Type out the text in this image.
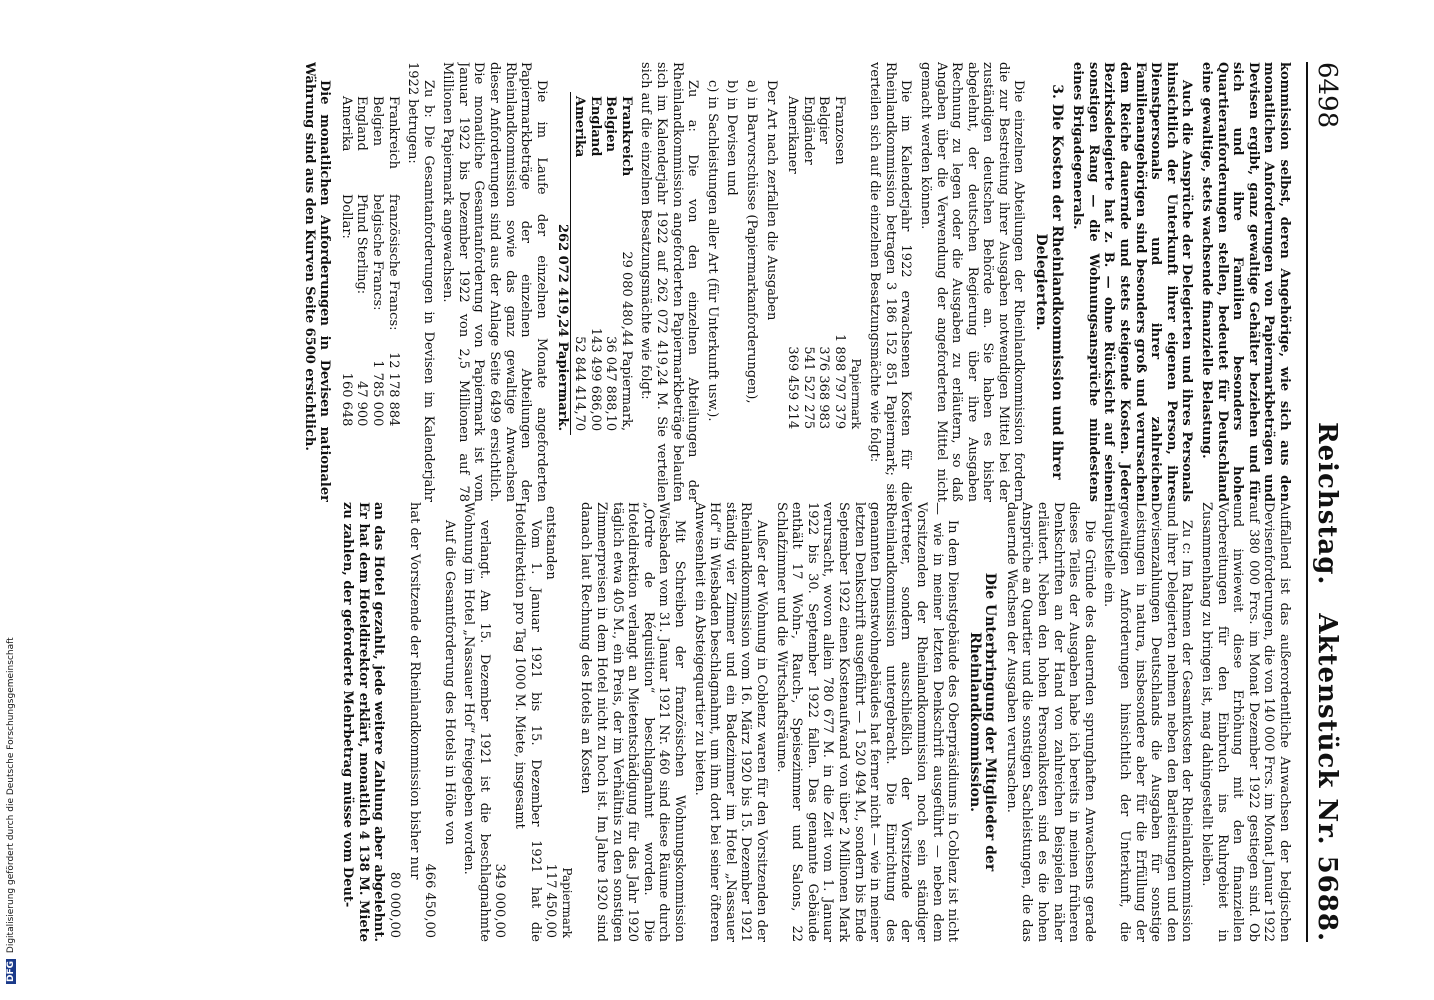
6498
Reichstag.
Aktenstück Nr. 5688.

kommission selbst, deren Angehörige, wie sich aus den monatlichen Anforderungen von Papiermarkbeträgen und Devisen ergibt, ganz gewaltige Gehälter beziehen und für sich und ihre Familien besonders hohe Quartieranforderungen stellen, bedeutet für Deutschland eine gewaltige, stets wachsende finanzielle Belastung.

Auch die Ansprüche der Delegierten und ihres Personals hinsichtlich der Unterkunft ihrer eigenen Person, ihres Dienstpersonals und ihrer zahlreichen Familienangehörigen sind besonders groß und verursachen dem Reiche dauernde und stets steigende Kosten. Jeder Bezirksdelegierte hat z. B. — ohne Rücksicht auf seinen sonstigen Rang — die Wohnungsansprüche mindestens eines Brigadegenerals.

3. Die Kosten der Rheinlandkommission und ihrer Delegierten.

Die einzelnen Abteilungen der Rheinlandkommission fordern die zur Bestreitung ihrer Ausgaben notwendigen Mittel bei der zuständigen deutschen Behörde an. Sie haben es bisher abgelehnt, der deutschen Regierung über ihre Ausgaben Rechnung zu legen oder die Ausgaben zu erläutern, so daß Angaben über die Verwendung der angeforderten Mittel nicht gemacht werden können.

Die im Kalenderjahr 1922 erwachsenen Kosten für die Rheinlandkommission betragen 3 186 152 851 Papiermark; sie verteilen sich auf die einzelnen Besatzungsmächte wie folgt:

	Papiermark
Franzosen	1 898 797 379
Belgier	376 368 983
Engländer	541 527 275
Amerikaner	369 459 214

Der Art nach zerfallen die Ausgaben

a) in Barvorschüsse (Papiermarkanforderungen),

b) in Devisen und

c) in Sachleistungen aller Art (für Unterkunft usw.).

Zu a: Die von den einzelnen Abteilungen der Rheinlandkommission angeforderten Papiermarkbeträge belaufen sich im Kalenderjahr 1922 auf 262 072 419,24 M. Sie verteilen sich auf die einzelnen Besatzungsmächte wie folgt:

Frankreich	29 080 480,44 Papiermark,
Belgien	36 047 888,10
England	143 499 686,00
Amerika	52 844 414,70
	262 072 419,24 Papiermark.

Die im Laufe der einzelnen Monate angeforderten Papiermarkbeträge der einzelnen Abteilungen der Rheinlandkommission sowie das ganz gewaltige Anwachsen dieser Anforderungen sind aus der Anlage Seite 6499 ersichtlich. Die monatliche Gesamtanforderung von Papiermark ist vom Januar 1922 bis Dezember 1922 von 2,5 Millionen auf 78 Millionen Papiermark angewachsen.

Zu b: Die Gesamtanforderungen in Devisen im Kalenderjahr 1922 betrugen:

Frankreich	französische Francs:	12 178 884
Belgien	belgische Francs:	1 785 000
England	Pfund Sterling:	47 900
Amerika	Dollar:	160 648

Die monatlichen Anforderungen in Devisen nationaler Währung sind aus den Kurven Seite 6500 ersichtlich.

Auffallend ist das außerordentliche Anwachsen der belgischen Devisenforderungen, die von 140 000 Frcs. im Monat Januar 1922 auf 380 000 Frcs. im Monat Dezember 1922 gestiegen sind. Ob und inwieweit diese Erhöhung mit den finanziellen Vorbereitungen für den Einbruch ins Ruhrgebiet in Zusammenhang zu bringen ist, mag dahingestellt bleiben.

Zu c: Im Rahmen der Gesamtkosten der Rheinlandkommission und ihrer Delegierten nehmen neben den Barleistungen und den Devisenzahlungen Deutschlands die Ausgaben für sonstige Leistungen in natura, insbesondere aber für die Erfüllung der gewaltigen Anforderungen hinsichtlich der Unterkunft, die Hauptstelle ein.

Die Gründe des dauernden sprunghaften Anwachsens gerade dieses Teiles der Ausgaben habe ich bereits in meinen früheren Denkschriften an der Hand von zahlreichen Beispielen näher erläutert. Neben den hohen Personalkosten sind es die hohen Ansprüche an Quartier und die sonstigen Sachleistungen, die das dauernde Wachsen der Ausgaben verursachen.

Die Unterbringung der Mitglieder der Rheinlandkommission.

In dem Dienstgebäude des Oberpräsidiums in Coblenz ist nicht — wie in meiner letzten Denkschrift ausgeführt — neben dem Vorsitzenden der Rheinlandkommission noch sein ständiger Vertreter, sondern ausschließlich der Vorsitzende der Rheinlandkommission untergebracht. Die Einrichtung des genannten Dienstwohngebäudes hat ferner nicht — wie in meiner letzten Denkschrift ausgeführt — 1 520 494 M., sondern bis Ende September 1922 einen Kostenaufwand von über 2 Millionen Mark verursacht, wovon allein 780 677 M. in die Zeit vom 1. Januar 1922 bis 30. September 1922 fallen. Das genannte Gebäude enthält 17 Wohn-, Rauch-, Speisezimmer und Salons, 22 Schlafzimmer und die Wirtschaftsräume.

Außer der Wohnung in Coblenz waren für den Vorsitzenden der Rheinlandkommission vom 16. März 1920 bis 15. Dezember 1921 ständig vier Zimmer und ein Badezimmer im Hotel „Nassauer Hof“ in Wiesbaden beschlagnahmt, um ihm dort bei seiner öfteren Anwesenheit ein Absteigequartier zu bieten.

Mit Schreiben der französischen Wohnungskommission Wiesbaden vom 31. Januar 1921 Nr. 460 sind diese Räume durch „Ordre de Réquisition“ beschlagnahmt worden. Die Hoteldirektion verlangt an Mietentschädigung für das Jahr 1920 täglich etwa 405 M., ein Preis, der im Verhältnis zu den sonstigen Zimmerpreisen in dem Hotel nicht zu hoch ist. Im Jahre 1920 sind danach laut Rechnung des Hotels an Kosten

	Papiermark
entstanden	117 450,00

Vom 1. Januar 1921 bis 15. Dezember 1921 hat die Hoteldirektion pro Tag 1000 M. Miete, insgesamt

	349 000,00

verlangt. Am 15. Dezember 1921 ist die beschlagnahmte Wohnung im Hotel „Nassauer Hof“ freigegeben worden.

Auf die Gesamtforderung des Hotels in Höhe von

	466 450,00

hat der Vorsitzende der Rheinlandkommission bisher nur

	80 000,00

an das Hotel gezahlt, jede weitere Zahlung aber abgelehnt. Er hat dem Hoteldirektor erklärt, monatlich 4 138 M. Miete zu zahlen, der geforderte Mehrbetrag müsse vom Deut-

DFG Digitalisierung gefördert durch die Deutsche Forschungsgemeinschaft
